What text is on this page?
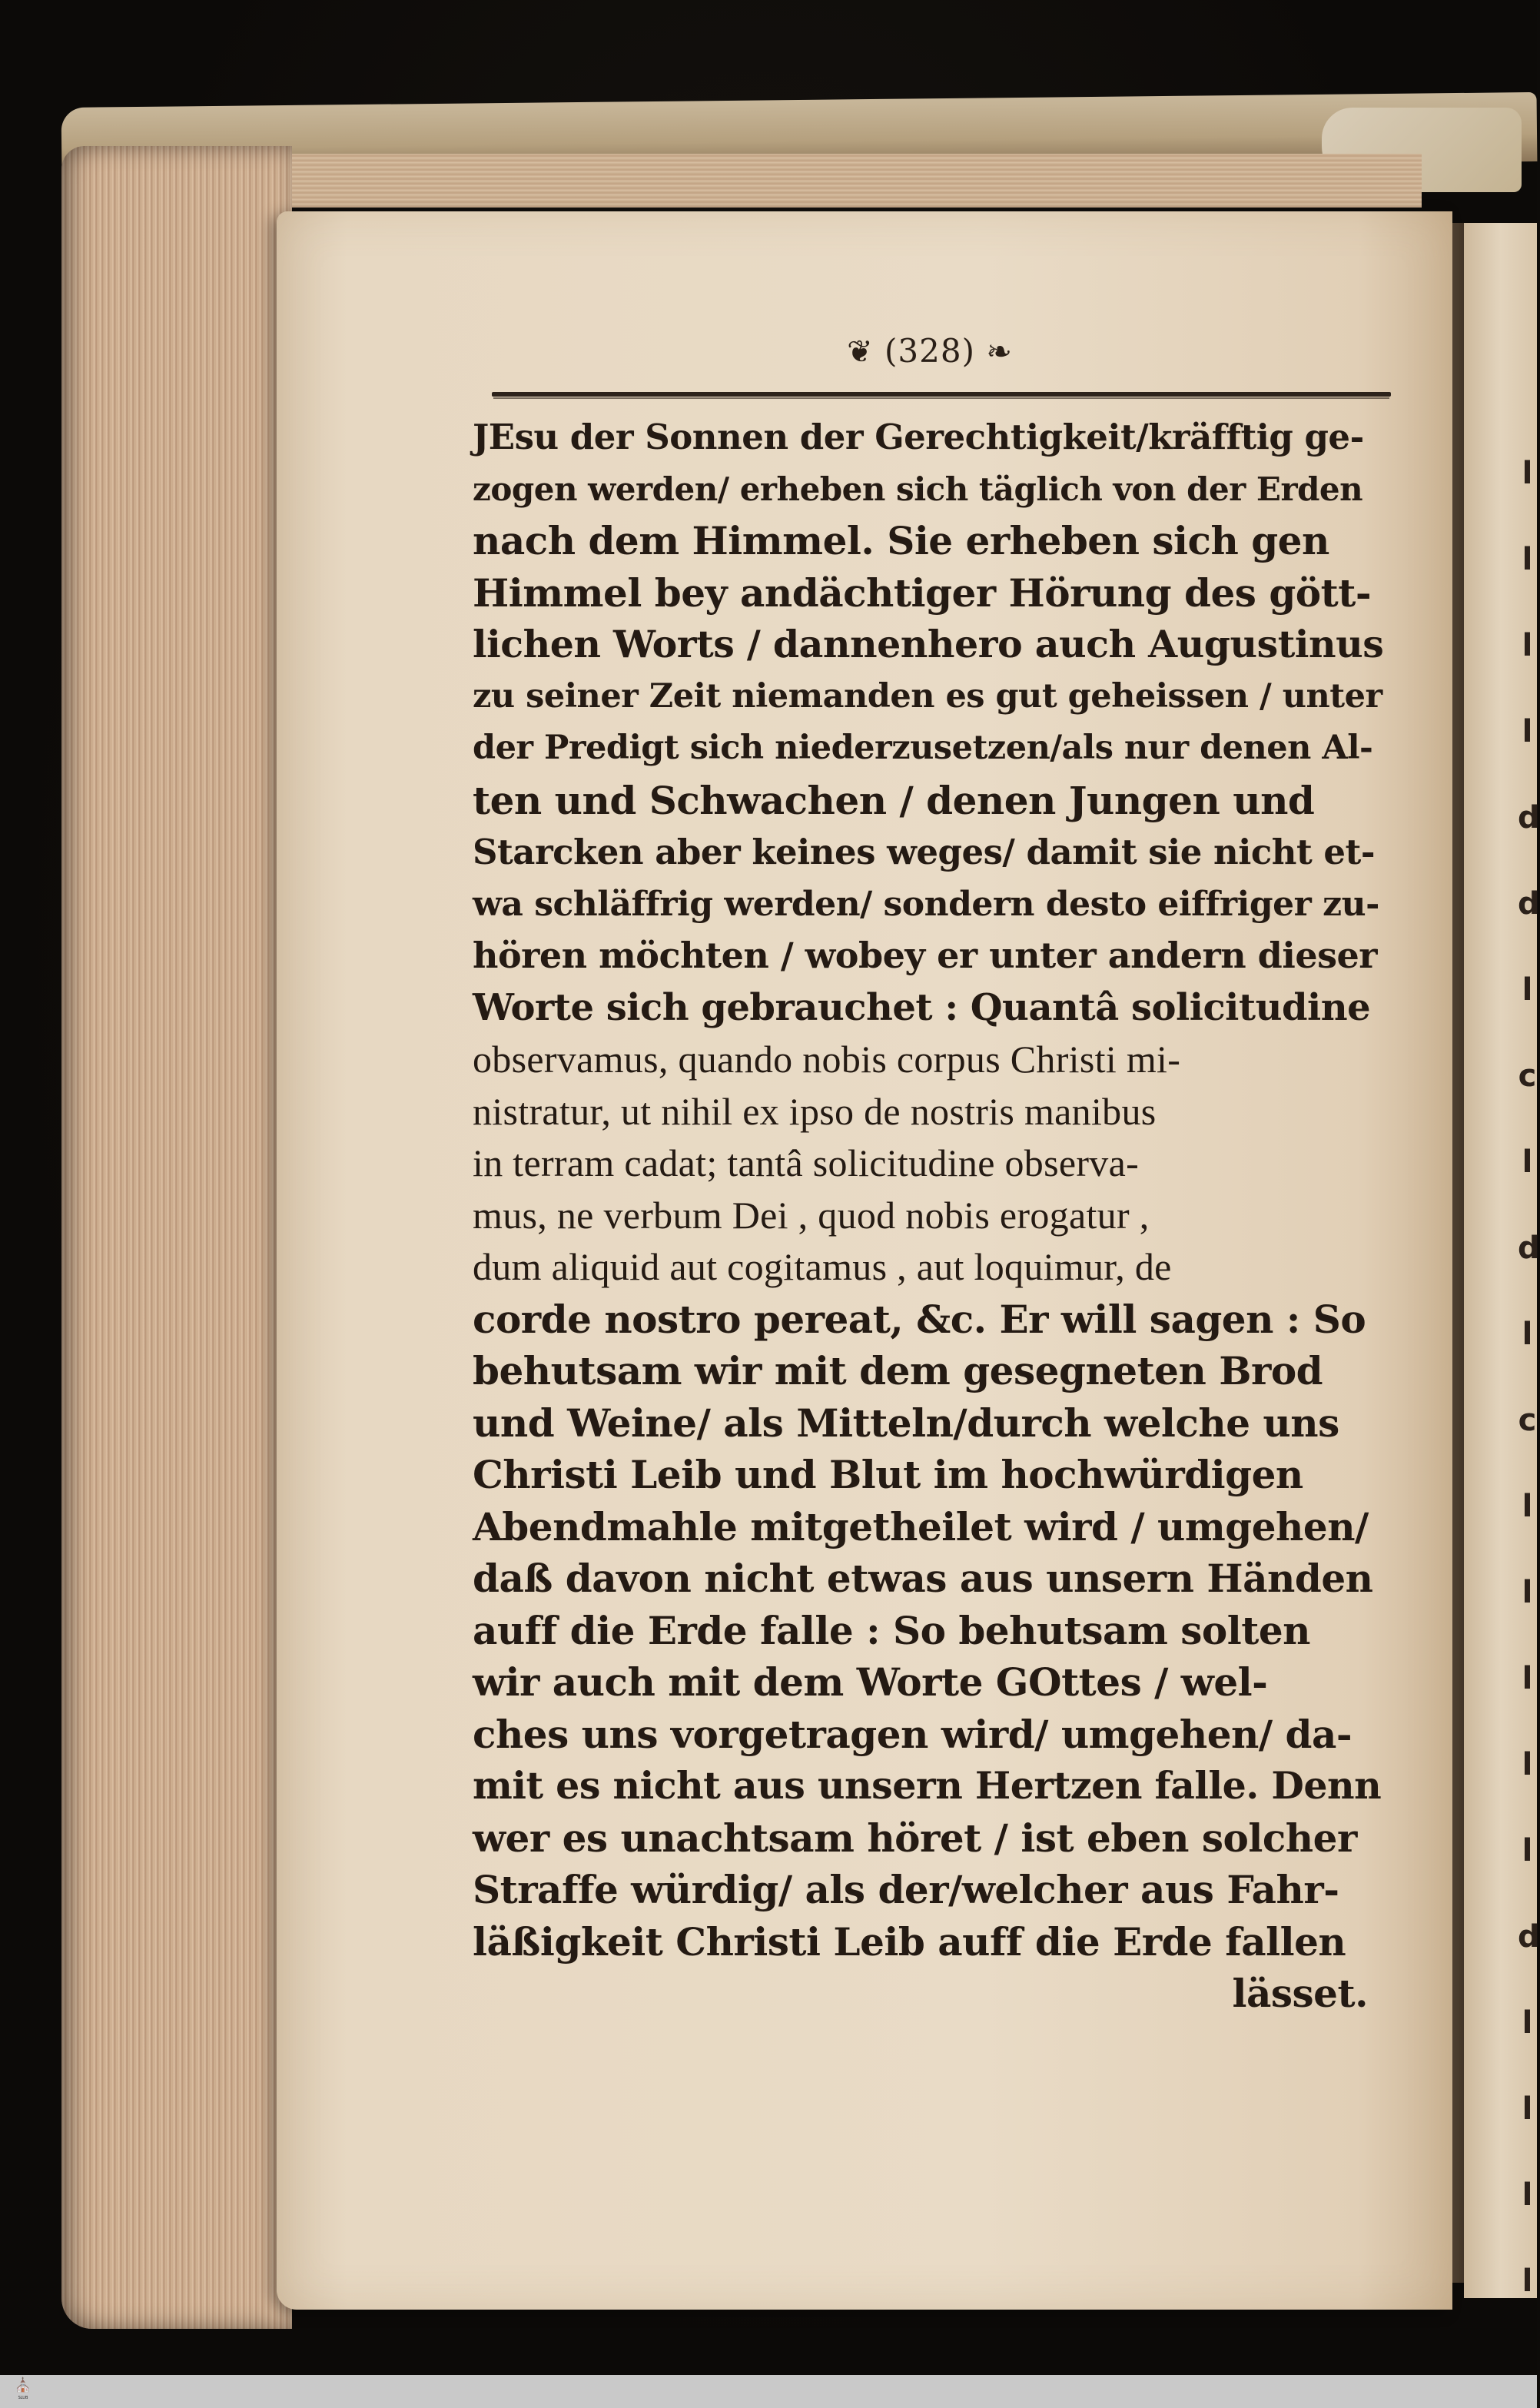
l
l
l
l
d
d
l
c
l
d
l
c
l
l
l
l
l
d
l
l
l
l
❦ (328) ❧
JEsu der Sonnen der Gerechtigkeit/kräfftig ge-
zogen werden/ erheben sich täglich von der Erden
nach dem Himmel. Sie erheben sich gen
Himmel bey andächtiger Hörung des gött-
lichen Worts / dannenhero auch Augustinus
zu seiner Zeit niemanden es gut geheissen / unter
der Predigt sich niederzusetzen/als nur denen Al-
ten und Schwachen / denen Jungen und
Starcken aber keines weges/ damit sie nicht et-
wa schläffrig werden/ sondern desto eiffriger zu-
hören möchten / wobey er unter andern dieser
Worte sich gebrauchet : Quantâ solicitudine
observamus, quando nobis corpus Christi mi-
nistratur, ut nihil ex ipso de nostris manibus
in terram cadat; tantâ solicitudine observa-
mus, ne verbum Dei , quod nobis erogatur ,
dum aliquid aut cogitamus , aut loquimur, de
corde nostro pereat, &c. Er will sagen : So
behutsam wir mit dem gesegneten Brod
und Weine/ als Mitteln/durch welche uns
Christi Leib und Blut im hochwürdigen
Abendmahle mitgetheilet wird / umgehen/
daß davon nicht etwas aus unsern Händen
auff die Erde falle : So behutsam solten
wir auch mit dem Worte GOttes / wel-
ches uns vorgetragen wird/ umgehen/ da-
mit es nicht aus unsern Hertzen falle. Denn
wer es unachtsam höret / ist eben solcher
Straffe würdig/ als der/welcher aus Fahr-
läßigkeit Christi Leib auff die Erde fallen
lässet.
⛪
SLUB
